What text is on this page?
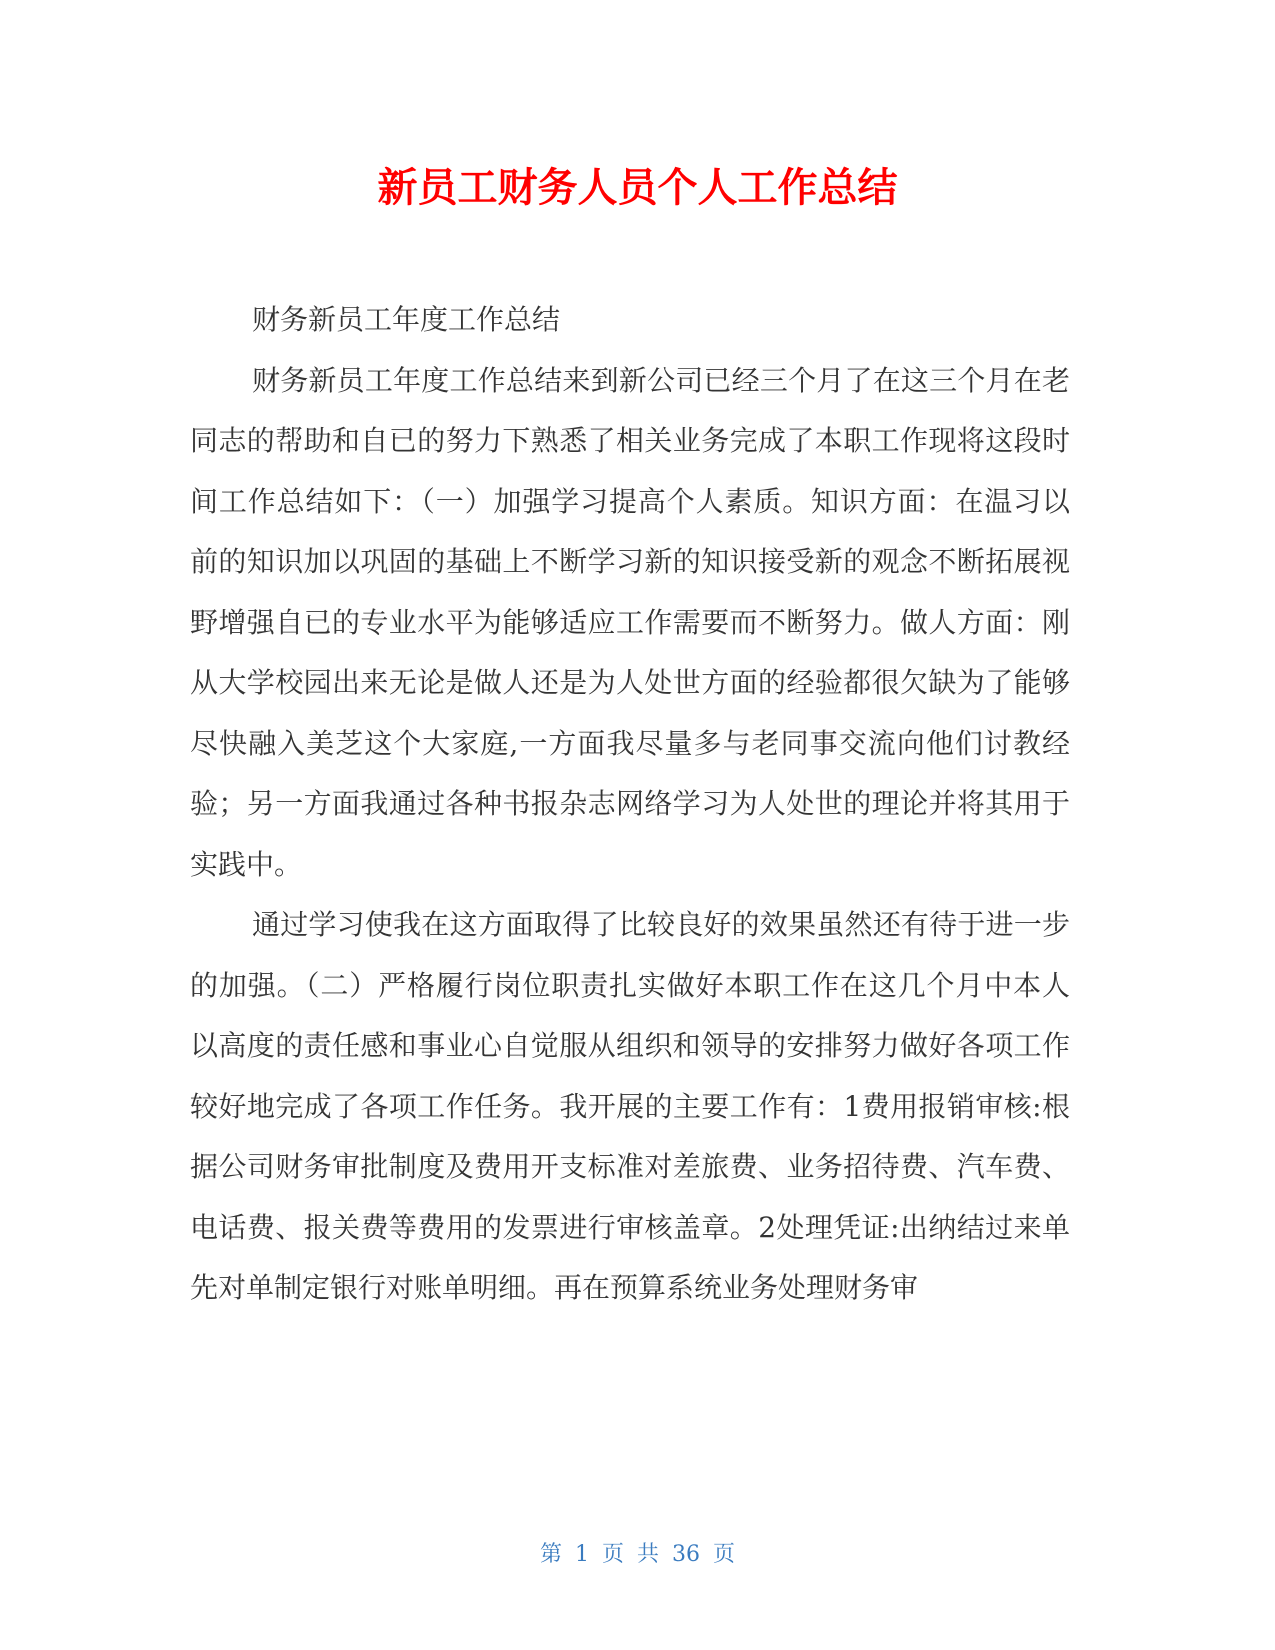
新员工财务人员个人工作总结

财务新员工年度工作总结

财务新员工年度工作总结来到新公司已经三个月了在这三个月在老同志的帮助和自已的努力下熟悉了相关业务完成了本职工作现将这段时间工作总结如下：（一）加强学习提高个人素质。知识方面：在温习以前的知识加以巩固的基础上不断学习新的知识接受新的观念不断拓展视野增强自已的专业水平为能够适应工作需要而不断努力。做人方面：刚从大学校园出来无论是做人还是为人处世方面的经验都很欠缺为了能够尽快融入美芝这个大家庭,一方面我尽量多与老同事交流向他们讨教经验；另一方面我通过各种书报杂志网络学习为人处世的理论并将其用于实践中。

通过学习使我在这方面取得了比较良好的效果虽然还有待于进一步的加强。（二）严格履行岗位职责扎实做好本职工作在这几个月中本人以高度的责任感和事业心自觉服从组织和领导的安排努力做好各项工作较好地完成了各项工作任务。我开展的主要工作有：1费用报销审核:根据公司财务审批制度及费用开支标准对差旅费、业务招待费、汽车费、电话费、报关费等费用的发票进行审核盖章。2处理凭证:出纳结过来单先对单制定银行对账单明细。再在预算系统业务处理财务审

第 1 页 共 36 页
